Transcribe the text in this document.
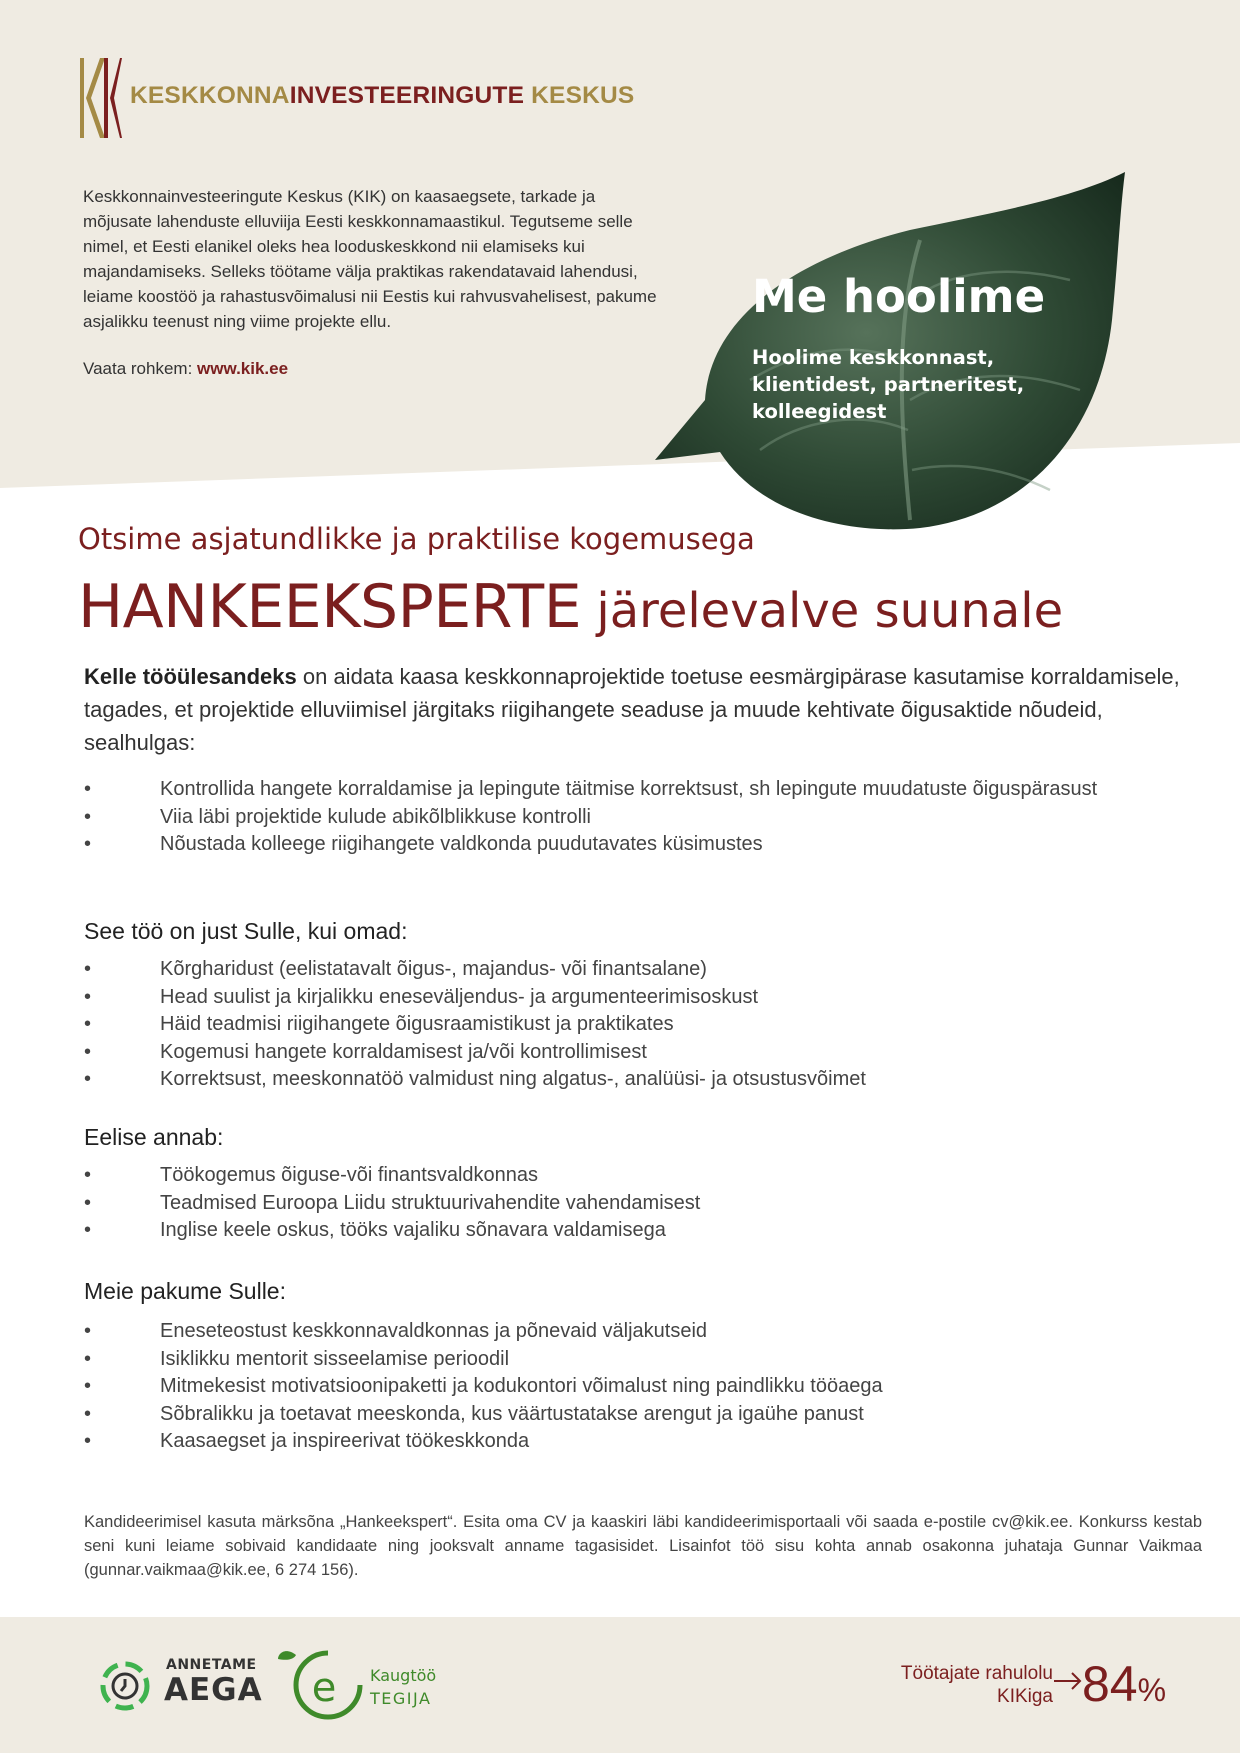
KESKKONNAINVESTEERINGUTE KESKUS
Keskkonnainvesteeringute Keskus (KIK) on kaasaegsete, tarkade ja mõjusate lahenduste elluviija Eesti keskkonnamaastikul. Tegutseme selle nimel, et Eesti elanikel oleks hea looduskeskkond nii elamiseks kui majandamiseks. Selleks töötame välja praktikas rakendatavaid lahendusi, leiame koostöö ja rahastusvõimalusi nii Eestis kui rahvusvahelisest, pakume asjalikku teenust ning viime projekte ellu.
Vaata rohkem: www.kik.ee
Me hoolime
Hoolime keskkonnast, klientidest, partneritest, kolleegidest
Otsime asjatundlikke ja praktilise kogemusega
HANKEEKSPERTE järelevalve suunale
Kelle tööülesandeks on aidata kaasa keskkonnaprojektide toetuse eesmärgipärase kasutamise korraldamisele, tagades, et projektide elluviimisel järgitaks riigihangete seaduse ja muude kehtivate õigusaktide nõudeid, sealhulgas:
•	Kontrollida hangete korraldamise ja lepingute täitmise korrektsust, sh lepingute muudatuste õiguspärasust
•	Viia läbi projektide kulude abikõlblikkuse kontrolli
•	Nõustada kolleege riigihangete valdkonda puudutavates küsimustes
See töö on just Sulle, kui omad:
•	Kõrgharidust (eelistatavalt õigus-, majandus- või finantsalane)
•	Head suulist ja kirjalikku eneseväljendus- ja argumenteerimisoskust
•	Häid teadmisi riigihangete õigusraamistikust ja praktikates
•	Kogemusi hangete korraldamisest ja/või kontrollimisest
•	Korrektsust, meeskonnatöö valmidust ning algatus-, analüüsi- ja otsustusvõimet
Eelise annab:
•	Töökogemus õiguse-või finantsvaldkonnas
•	Teadmised Euroopa Liidu struktuurivahendite vahendamisest
•	Inglise keele oskus, tööks vajaliku sõnavara valdamisega
Meie pakume Sulle:
•	Eneseteostust keskkonnavaldkonnas ja põnevaid väljakutseid
•	Isiklikku mentorit sisseelamise perioodil
•	Mitmekesist motivatsioonipaketti ja kodukontori võimalust ning paindlikku tööaega
•	Sõbralikku ja toetavat meeskonda, kus väärtustatakse arengut ja igaühe panust
•	Kaasaegset ja inspireerivat töökeskkonda
Kandideerimisel kasuta märksõna „Hankeekspert“. Esita oma CV ja kaaskiri läbi kandideerimisportaali või saada e-postile cv@kik.ee. Konkurss kestab seni kuni leiame sobivaid kandidaate ning jooksvalt anname tagasisidet. Lisainfot töö sisu kohta annab osakonna juhataja Gunnar Vaikmaa (gunnar.vaikmaa@kik.ee, 6 274 156).
ANNETAME
AEGA e Kaugtöö
TEGIJA
Töötajate rahulolu KIKiga 84%
